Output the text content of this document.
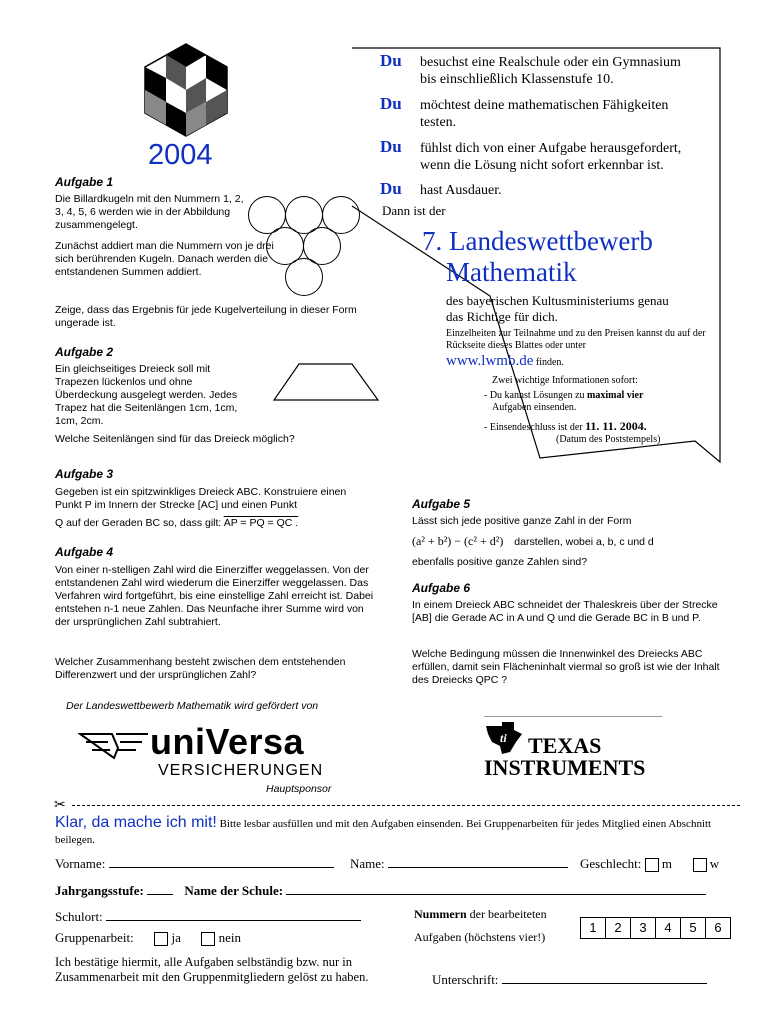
2004
Du besuchst eine Realschule oder ein Gymnasium bis einschließlich Klassenstufe 10.
Du möchtest deine mathematischen Fähigkeiten testen.
Du fühlst dich von einer Aufgabe herausgefordert, wenn die Lösung nicht sofort erkennbar ist.
Du hast Ausdauer.
Dann ist der
7. Landeswettbewerb
Mathematik
des bayerischen Kultusministeriums genau das Richtige für dich.
Einzelheiten zur Teilnahme und zu den Preisen kannst du auf der Rückseite dieses Blattes oder unter
www.lwmb.de finden.
Zwei wichtige Informationen sofort:
- Du kannst Lösungen zu maximal vier
Aufgaben einsenden.
- Einsendeschluss ist der 11. 11. 2004.
(Datum des Poststempels)
Aufgabe 1
Die Billardkugeln mit den Nummern 1, 2, 3, 4, 5, 6 werden wie in der Abbildung zusammengelegt.
Zunächst addiert man die Nummern von je drei sich berührenden Kugeln. Danach werden die entstandenen Summen addiert.
Zeige, dass das Ergebnis für jede Kugelverteilung in dieser Form ungerade ist.
Aufgabe 2
Ein gleichseitiges Dreieck soll mit Trapezen lückenlos und ohne Überdeckung ausgelegt werden. Jedes Trapez hat die Seitenlängen 1cm, 1cm, 1cm, 2cm.
Welche Seitenlängen sind für das Dreieck möglich?
Aufgabe 3
Gegeben ist ein spitzwinkliges Dreieck ABC. Konstruiere einen Punkt P im Innern der Strecke [AC] und einen Punkt
Q auf der Geraden BC so, dass gilt: AP = PQ = QC .
Aufgabe 4
Von einer n-stelligen Zahl wird die Einerziffer weggelassen. Von der entstandenen Zahl wird wiederum die Einerziffer weggelassen. Das Verfahren wird fortgeführt, bis eine einstellige Zahl erreicht ist. Dabei entstehen n-1 neue Zahlen. Das Neunfache ihrer Summe wird von der ursprünglichen Zahl subtrahiert.
Welcher Zusammenhang besteht zwischen dem entstehenden Differenzwert und der ursprünglichen Zahl?
Aufgabe 5
Lässt sich jede positive ganze Zahl in der Form
(a² + b²) − (c² + d²) darstellen, wobei a, b, c und d
ebenfalls positive ganze Zahlen sind?
Aufgabe 6
In einem Dreieck ABC schneidet der Thaleskreis über der Strecke [AB] die Gerade AC in A und Q und die Gerade BC in B und P.
Welche Bedingung müssen die Innenwinkel des Dreiecks ABC erfüllen, damit sein Flächeninhalt viermal so groß ist wie der Inhalt des Dreiecks QPC ?
Der Landeswettbewerb Mathematik wird gefördert von
uniVersa
VERSICHERUNGEN
Hauptsponsor
ti TEXAS
INSTRUMENTS
✂
Klar, da mache ich mit! Bitte lesbar ausfüllen und mit den Aufgaben einsenden. Bei Gruppenarbeiten für jedes Mitglied einen Abschnitt beilegen.
Vorname:	Name:	Geschlecht: m	w
Jahrgangsstufe:	Name der Schule:
Schulort:
Gruppenarbeit:	ja	nein
Nummern der bearbeiteten
Aufgaben (höchstens vier!)
1	2	3	4	5	6
Ich bestätige hiermit, alle Aufgaben selbständig bzw. nur in Zusammenarbeit mit den Gruppenmitgliedern gelöst zu haben.	Unterschrift:
